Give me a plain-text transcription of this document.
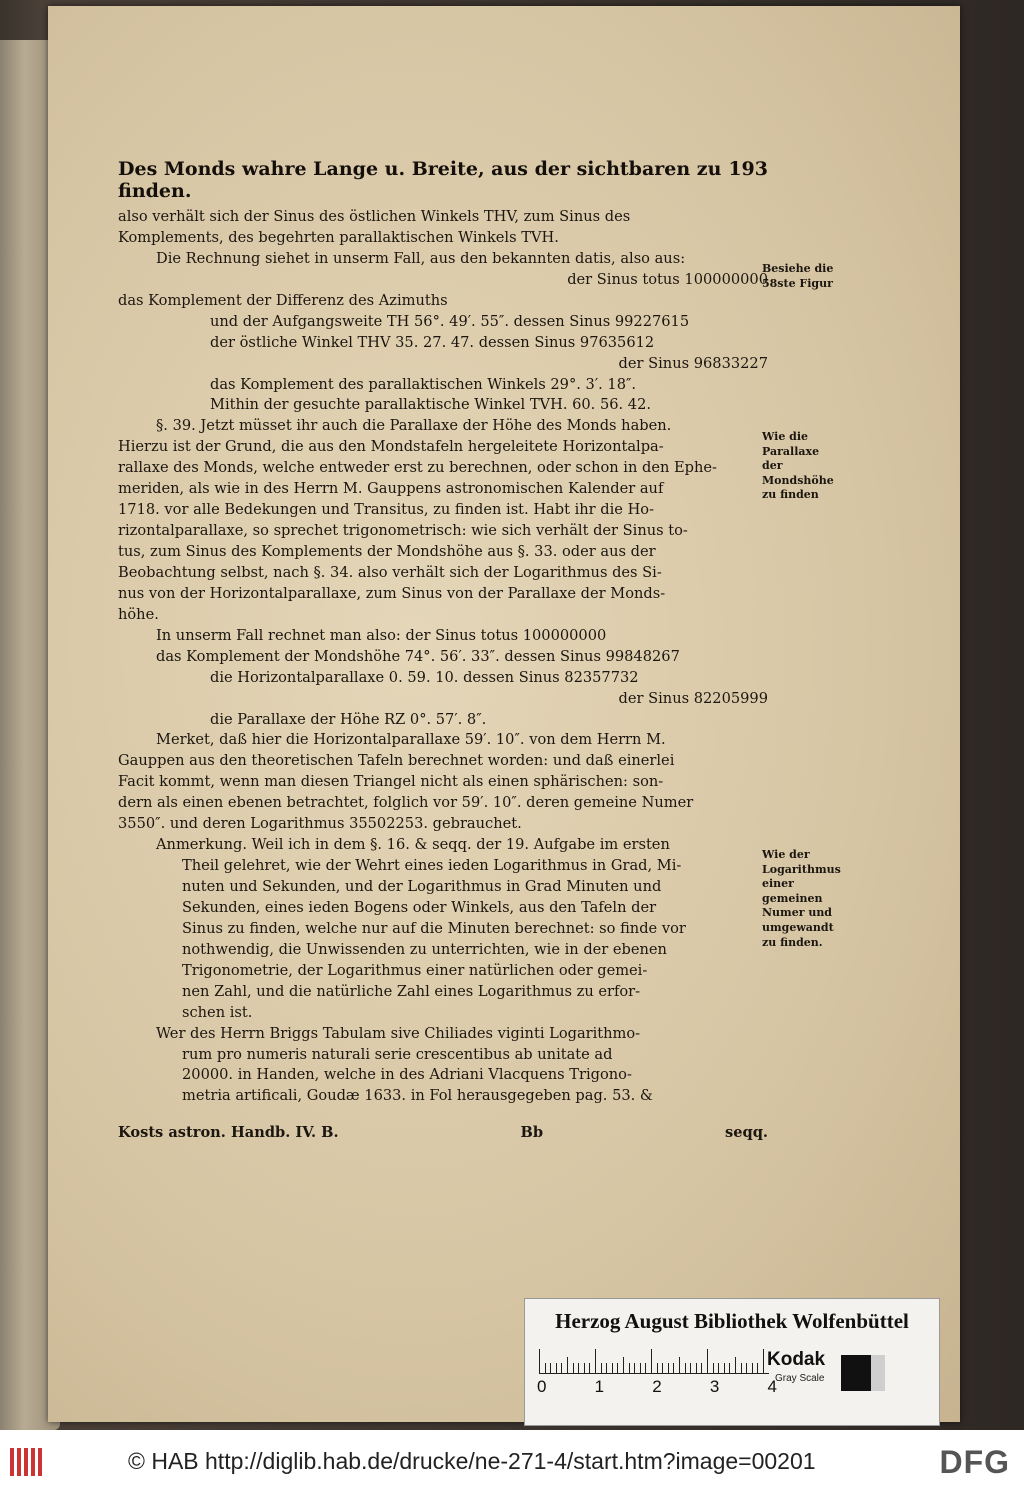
Des Monds wahre Lange u. Breite, aus der sichtbaren zu finden.
193
also verhält sich der Sinus des östlichen Winkels THV, zum Sinus des
Komplements, des begehrten parallaktischen Winkels TVH.
Die Rechnung siehet in unserm Fall, aus den bekannten datis, also aus:
der Sinus totus 100000000
das Komplement der Differenz des Azimuths
und der Aufgangsweite TH 56°. 49′. 55″. dessen Sinus 99227615
der östliche Winkel THV 35. 27. 47. dessen Sinus 97635612
der Sinus 96833227
das Komplement des parallaktischen Winkels 29°. 3′. 18″.
Mithin der gesuchte parallaktische Winkel TVH. 60. 56. 42.
§. 39. Jetzt müsset ihr auch die Parallaxe der Höhe des Monds haben.
Hierzu ist der Grund, die aus den Mondstafeln hergeleitete Horizontalpa-
rallaxe des Monds, welche entweder erst zu berechnen, oder schon in den Ephe-
meriden, als wie in des Herrn M. Gauppens astronomischen Kalender auf
1718. vor alle Bedekungen und Transitus, zu finden ist. Habt ihr die Ho-
rizontalparallaxe, so sprechet trigonometrisch: wie sich verhält der Sinus to-
tus, zum Sinus des Komplements der Mondshöhe aus §. 33. oder aus der
Beobachtung selbst, nach §. 34. also verhält sich der Logarithmus des Si-
nus von der Horizontalparallaxe, zum Sinus von der Parallaxe der Monds-
höhe.
In unserm Fall rechnet man also: der Sinus totus 100000000
das Komplement der Mondshöhe 74°. 56′. 33″. dessen Sinus 99848267
die Horizontalparallaxe 0. 59. 10. dessen Sinus 82357732
der Sinus 82205999
die Parallaxe der Höhe RZ 0°. 57′. 8″.
Merket, daß hier die Horizontalparallaxe 59′. 10″. von dem Herrn M.
Gauppen aus den theoretischen Tafeln berechnet worden: und daß einerlei
Facit kommt, wenn man diesen Triangel nicht als einen sphärischen: son-
dern als einen ebenen betrachtet, folglich vor 59′. 10″. deren gemeine Numer
3550″. und deren Logarithmus 35502253. gebrauchet.
Anmerkung. Weil ich in dem §. 16. & seqq. der 19. Aufgabe im ersten
Theil gelehret, wie der Wehrt eines ieden Logarithmus in Grad, Mi-
nuten und Sekunden, und der Logarithmus in Grad Minuten und
Sekunden, eines ieden Bogens oder Winkels, aus den Tafeln der
Sinus zu finden, welche nur auf die Minuten berechnet: so finde vor
nothwendig, die Unwissenden zu unterrichten, wie in der ebenen
Trigonometrie, der Logarithmus einer natürlichen oder gemei-
nen Zahl, und die natürliche Zahl eines Logarithmus zu erfor-
schen ist.
Wer des Herrn Briggs Tabulam sive Chiliades viginti Logarithmo-
rum pro numeris naturali serie crescentibus ab unitate ad
20000. in Handen, welche in des Adriani Vlacquens Trigono-
metria artificali, Goudæ 1633. in Fol herausgegeben pag. 53. &
Besiehe die 58ste Figur
Wie die Parallaxe der Mondshöhe zu finden
Wie der Logarithmus einer gemeinen Numer und umgewandt zu finden.
Kosts astron. Handb. IV. B.	Bb	seqq.
Herzog August Bibliothek Wolfenbüttel
0	1	2	3	4
Kodak
Gray Scale
© HAB http://diglib.hab.de/drucke/ne-271-4/start.htm?image=00201	DFG
